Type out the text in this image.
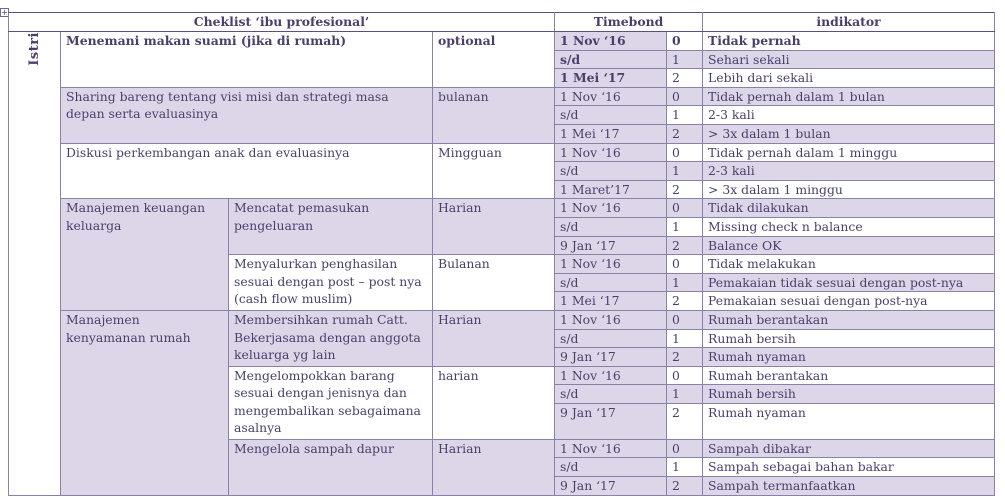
+
Cheklist ‘ibu profesional’				Timebond		indikator
Istri	Menemani makan suami (jika di rumah)		optional	1 Nov ‘16	0	Tidak pernah
				s/d	1	Sehari sekali
				1 Mei ‘17	2	Lebih dari sekali
	Sharing bareng tentang visi misi dan strategi masa depan serta evaluasinya		bulanan	1 Nov ‘16	0	Tidak pernah dalam 1 bulan
				s/d	1	2-3 kali
				1 Mei ‘17	2	> 3x dalam 1 bulan
	Diskusi perkembangan anak dan evaluasinya		Mingguan	1 Nov ‘16	0	Tidak pernah dalam 1 minggu
				s/d	1	2-3 kali
				1 Maret’17	2	> 3x dalam 1 minggu
	Manajemen keuangan keluarga	Mencatat pemasukan pengeluaran	Harian	1 Nov ‘16	0	Tidak dilakukan
				s/d	1	Missing check n balance
				9 Jan ‘17	2	Balance OK
		Menyalurkan penghasilan sesuai dengan post – post nya (cash flow muslim)	Bulanan	1 Nov ‘16	0	Tidak melakukan
				s/d	1	Pemakaian tidak sesuai dengan post-nya
				1 Mei ‘17	2	Pemakaian sesuai dengan post-nya
	Manajemen kenyamanan rumah	Membersihkan rumah Catt. Bekerjasama dengan anggota keluarga yg lain	Harian	1 Nov ‘16	0	Rumah berantakan
				s/d	1	Rumah bersih
				9 Jan ‘17	2	Rumah nyaman
		Mengelompokkan barang sesuai dengan jenisnya dan mengembalikan sebagaimana asalnya	harian	1 Nov ‘16	0	Rumah berantakan
				s/d	1	Rumah bersih
				9 Jan ‘17	2	Rumah nyaman
		Mengelola sampah dapur	Harian	1 Nov ‘16	0	Sampah dibakar
				s/d	1	Sampah sebagai bahan bakar
				9 Jan ‘17	2	Sampah termanfaatkan
